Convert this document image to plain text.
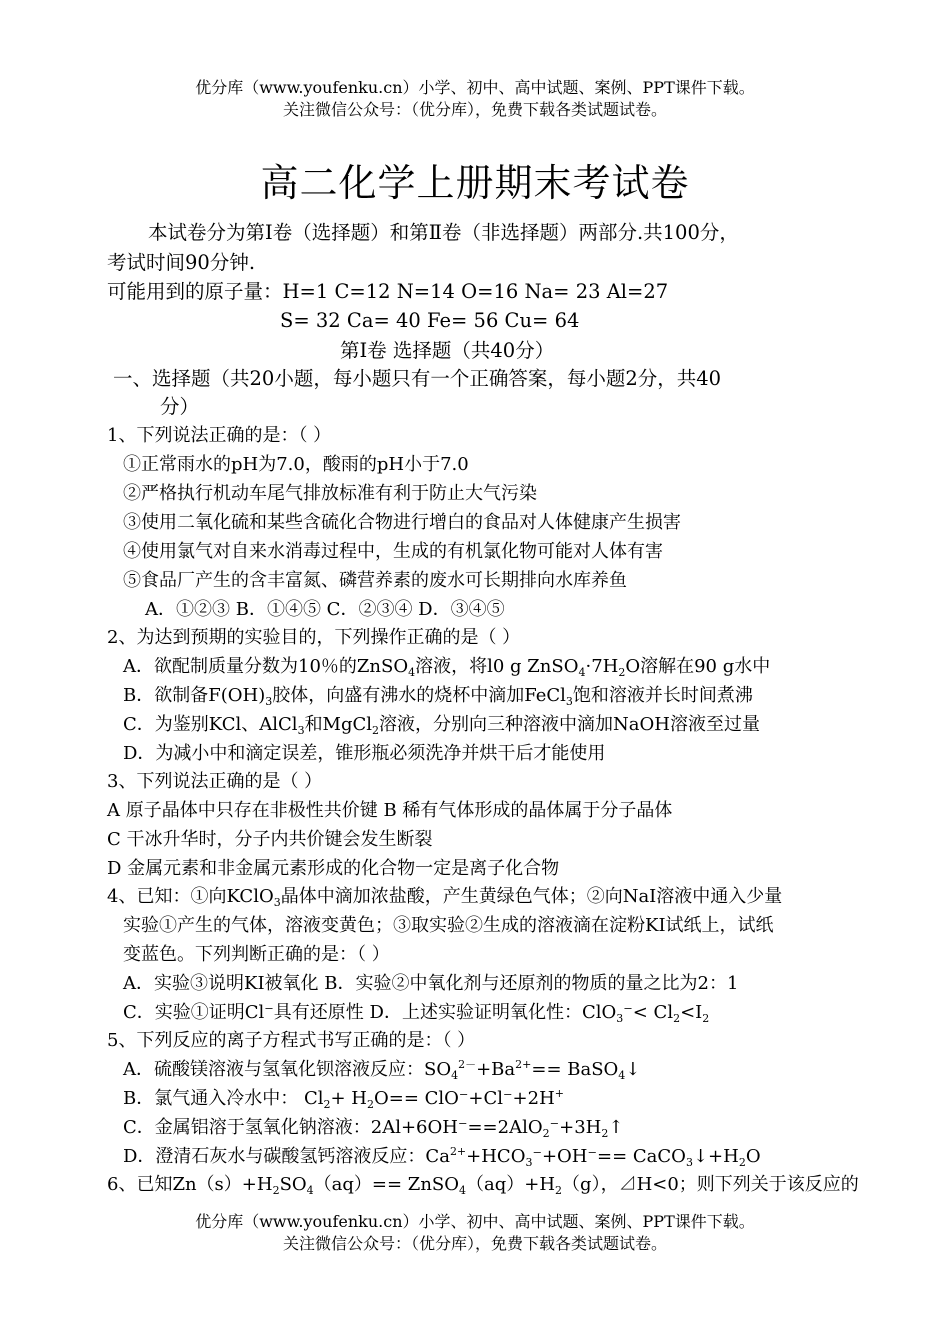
优分库（www.youfenku.cn）小学、初中、高中试题、案例、PPT课件下载。
关注微信公众号：（优分库），免费下载各类试题试卷。
高二化学上册期末考试卷
本试卷分为第Ⅰ卷（选择题）和第Ⅱ卷（非选择题）两部分.共100分，
考试时间90分钟.
可能用到的原子量：H=1 C=12 N=14 O=16 Na= 23 Al=27
S= 32 Ca= 40 Fe= 56 Cu= 64
第Ⅰ卷 选择题（共40分）
一、选择题（共20小题，每小题只有一个正确答案，每小题2分，共40
分）
1、下列说法正确的是：（ ）
①正常雨水的pH为7.0，酸雨的pH小于7.0
②严格执行机动车尾气排放标准有利于防止大气污染
③使用二氧化硫和某些含硫化合物进行增白的食品对人体健康产生损害
④使用氯气对自来水消毒过程中，生成的有机氯化物可能对人体有害
⑤食品厂产生的含丰富氮、磷营养素的废水可长期排向水库养鱼
A．①②③ B．①④⑤ C．②③④ D．③④⑤
2、为达到预期的实验目的，下列操作正确的是（ ）
A．欲配制质量分数为10％的ZnSO$_4$溶液，将l0 g $ZnSO_4\cdot 7H_2O$溶解在90 g水中
B．欲制备$F(OH)_3$胶体，向盛有沸水的烧杯中滴加FeCl$_3$饱和溶液并长时间煮沸
C．为鉴别KCl、AlCl$_3$和MgCl$_2$溶液，分别向三种溶液中滴加NaOH溶液至过量
D．为减小中和滴定误差，锥形瓶必须洗净并烘干后才能使用
3、下列说法正确的是（ ）
A 原子晶体中只存在非极性共价键 B 稀有气体形成的晶体属于分子晶体
C 干冰升华时，分子内共价键会发生断裂
D 金属元素和非金属元素形成的化合物一定是离子化合物
4、已知：①向KClO$_3$晶体中滴加浓盐酸，产生黄绿色气体；②向NaI溶液中通入少量
实验①产生的气体，溶液变黄色；③取实验②生成的溶液滴在淀粉KI试纸上，试纸
变蓝色。下列判断正确的是：（ ）
A．实验③说明KI被氧化 B．实验②中氧化剂与还原剂的物质的量之比为2：1
C．实验①证明Cl⁻具有还原性 D．上述实验证明氧化性：$ClO_3^-< Cl_2<I_2$
5、下列反应的离子方程式书写正确的是：（ ）
A．硫酸镁溶液与氢氧化钡溶液反应：$SO_4^{2-}+Ba^{2+}==$ BaSO$_4$↓
B．氯气通入冷水中： $Cl_2+ H_2O== ClO^-+Cl^-+2H^+$
C．金属铝溶于氢氧化钠溶液：$2Al+6OH^-==2AlO_2^-+3H_2↑$
D．澄清石灰水与碳酸氢钙溶液反应：$Ca^{2+}+HCO_3^-+OH^-==$ $CaCO_3↓+H_2O$
6、已知$Zn(s)+H_2SO_4(aq)==$ $ZnSO_4(aq)+H_2(g)$，⊿H<0；则下列关于该反应的
优分库（www.youfenku.cn）小学、初中、高中试题、案例、PPT课件下载。
关注微信公众号：（优分库），免费下载各类试题试卷。
